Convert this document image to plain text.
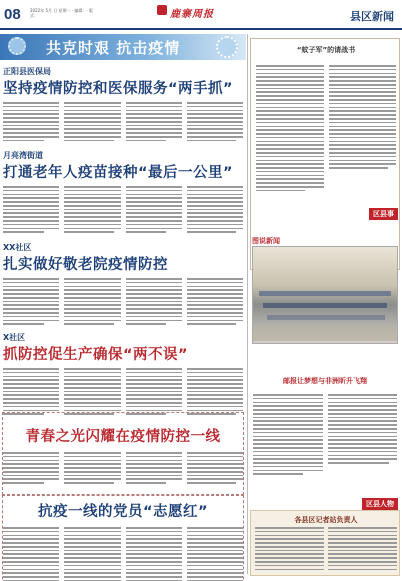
08 2022年 5月 日 星期一 · 编辑：· 版式：	鹿寨周报	县区新闻
共克时艰 抗击疫情
正阳县医保局
坚持疫情防控和医保服务“两手抓”
月亮湾街道
打通老年人疫苗接种“最后一公里”
XX社区
扎实做好敬老院疫情防控
X社区
抓防控促生产确保“两不误”
青春之光闪耀在疫情防控一线
抗疫一线的党员“志愿红”
“蚊子军”的请战书
区县事
图说新闻
邮报让梦想与非洲昕升飞翔
区县人物
各县区记者站负责人
